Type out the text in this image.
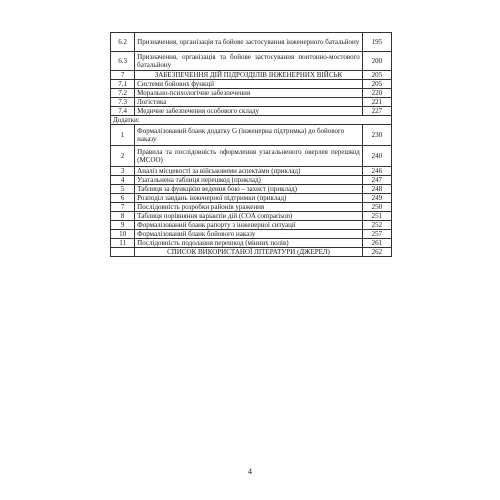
6.2	Призначення, організація та бойове застосування інженерного батальйону	195
6.3	Призначення, організація та бойове застосування понтонно-мостового батальйону	200
7	ЗАБЕЗПЕЧЕННЯ ДІЙ ПІДРОЗДІЛІВ ІНЖЕНЕРНИХ ВІЙСЬК	205
7.1	Системи бойових функції	205
7.2	Морально-психологічне забезпечення	220
7.3	Логістика	221
7.4	Медичне забезпечення особового складу	227
Додатки:		
1	Формалізований бланк додатку G (інженерна підтримка) до бойового наказу	230
2	Правила та послідовність оформлення узагальненого оверлея перешкод (МСОО)	240
3	Аналіз місцевості за військовими аспектами (приклад)	246
4	Узагальнена таблиця перешкод (приклад)	247
5	Таблиця за функцією ведення бою – захист (приклад)	248
6	Розподіл завдань інженерної підтримки (приклад)	249
7	Послідовність розробки районів ураження	250
8	Таблиця порівняння варіантів дій (COA comparison)	251
9	Формалізований бланк рапорту з інженерної ситуації	252
10	Формалізований бланк бойового наказу	257
11	Послідовність подолання перешкод (мінних полів)	261
	СПИСОК ВИКОРИСТАНОЇ ЛІТЕРАТУРИ (ДЖЕРЕЛ)	262
4
